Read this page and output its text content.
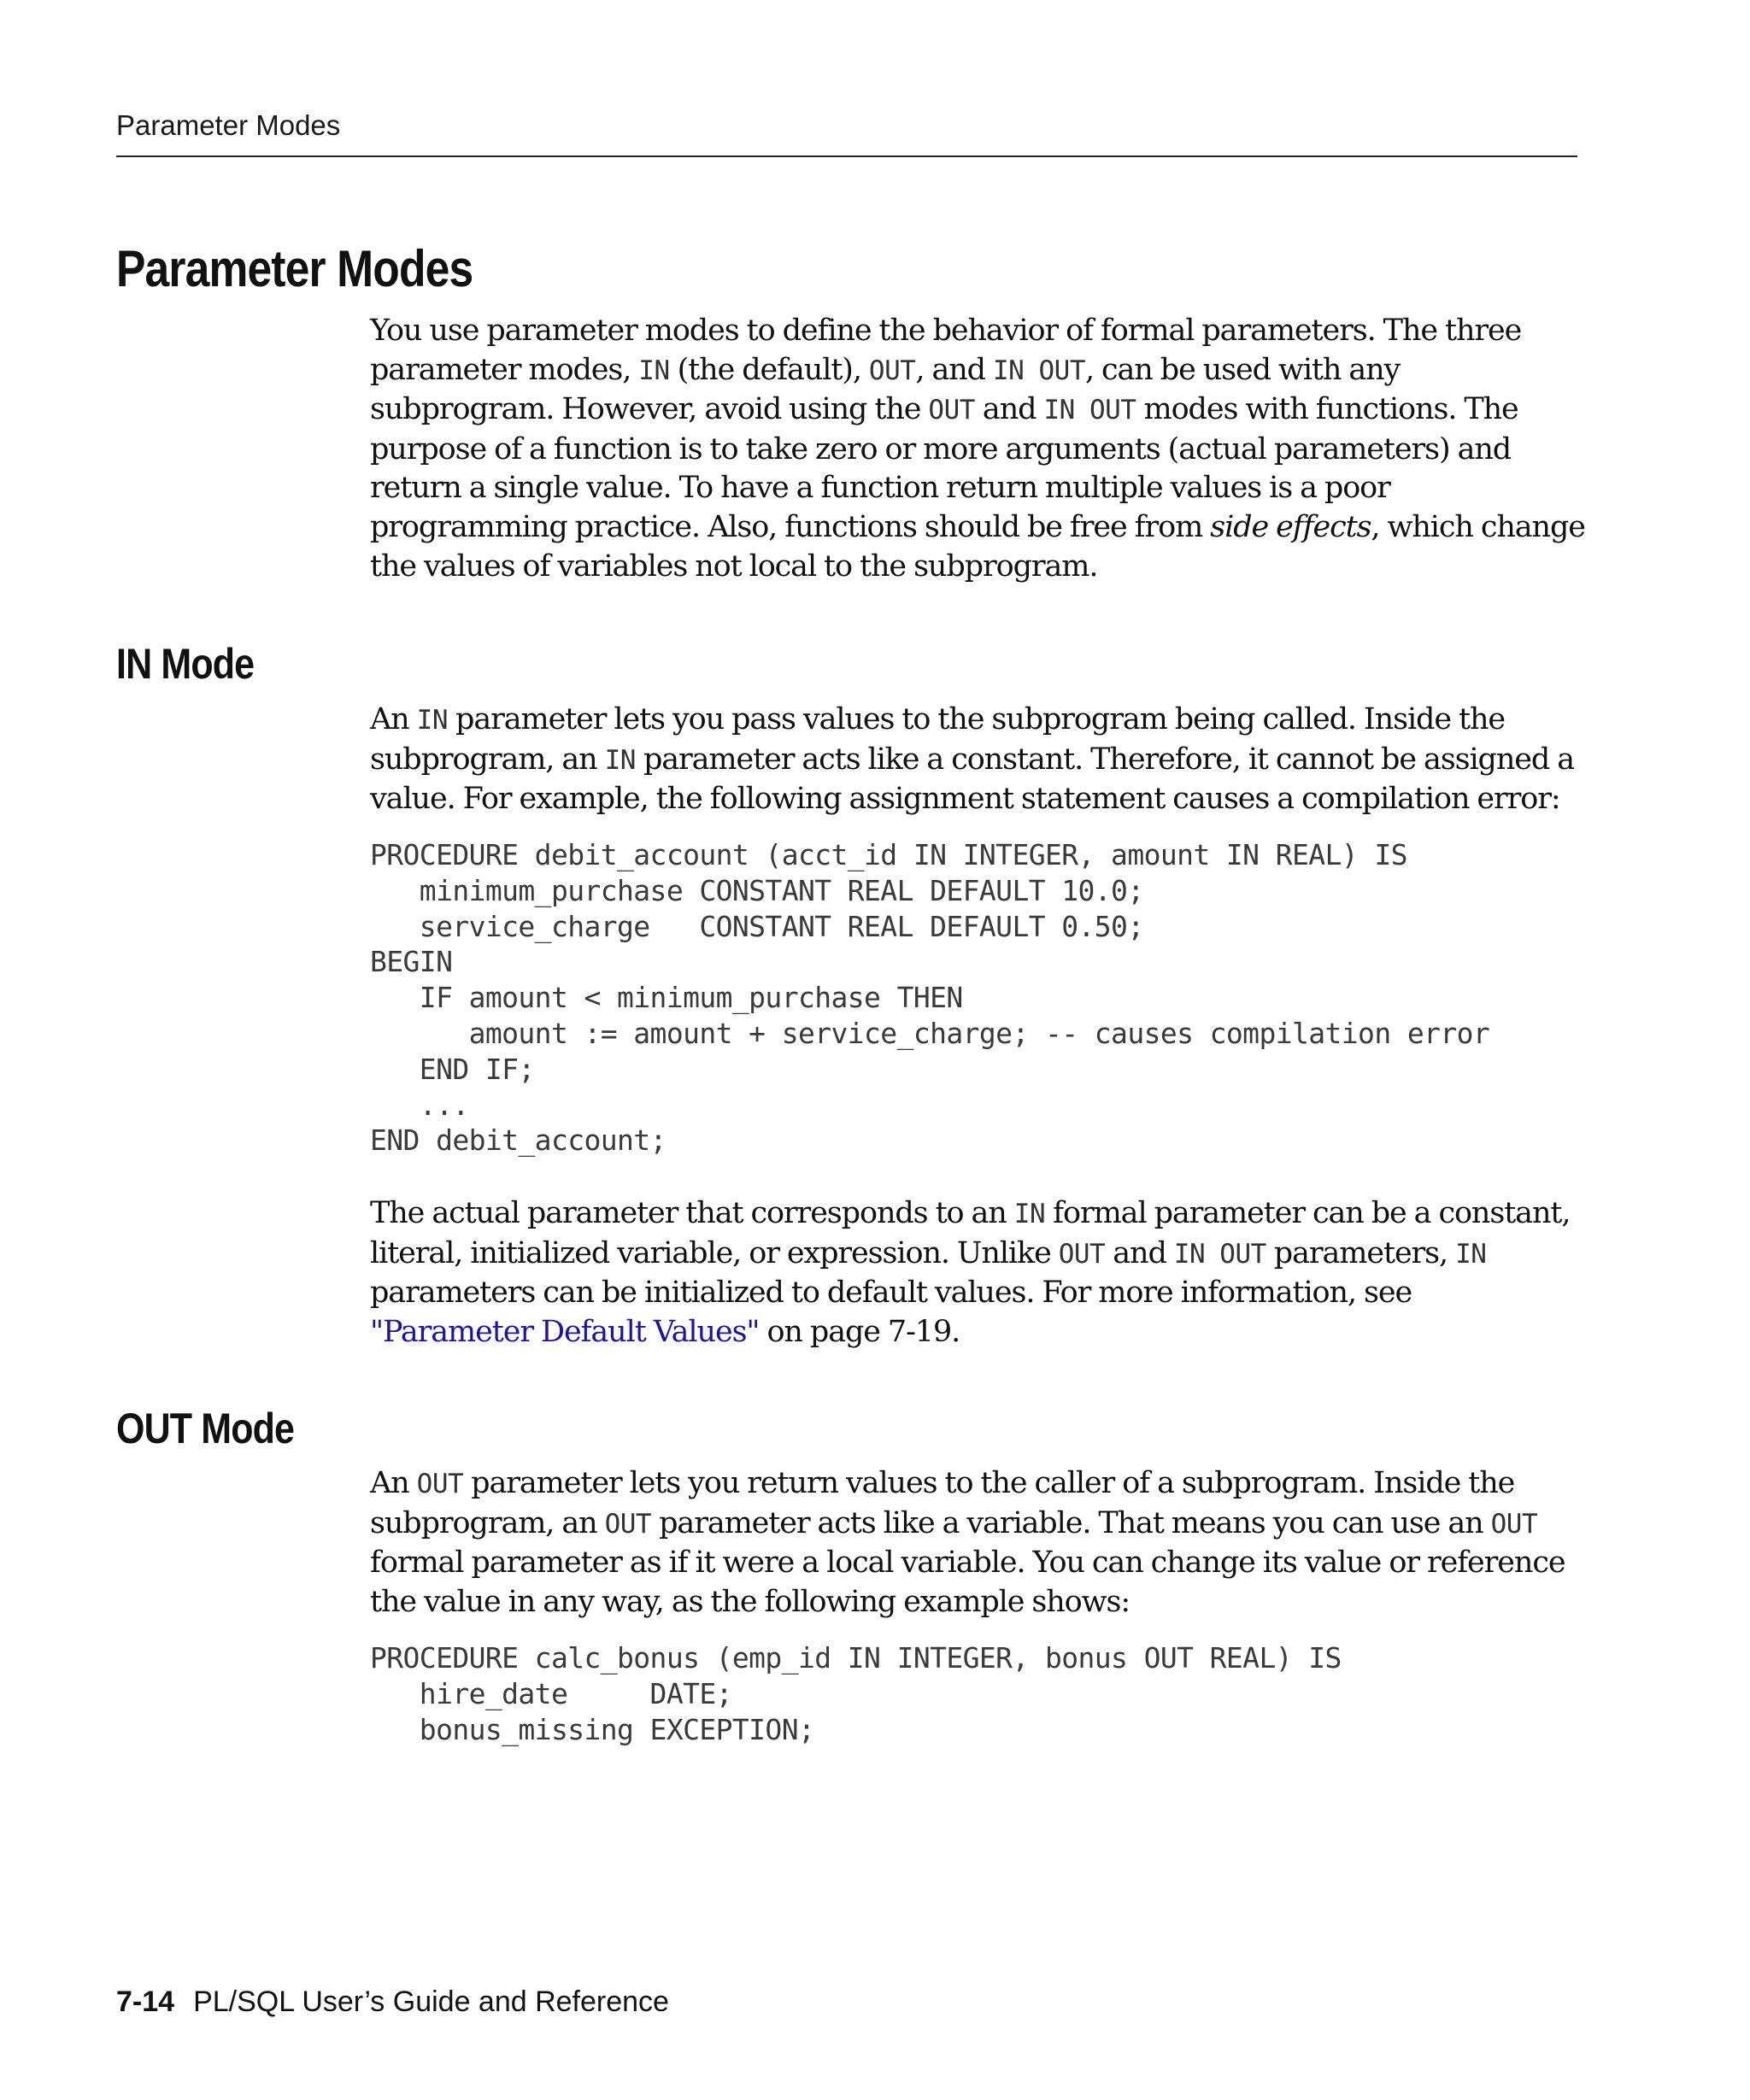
Parameter Modes
Parameter Modes

You use parameter modes to define the behavior of formal parameters. The three
parameter modes, IN (the default), OUT, and IN OUT, can be used with any
subprogram. However, avoid using the OUT and IN OUT modes with functions. The
purpose of a function is to take zero or more arguments (actual parameters) and
return a single value. To have a function return multiple values is a poor
programming practice. Also, functions should be free from side effects, which change
the values of variables not local to the subprogram.

IN Mode

An IN parameter lets you pass values to the subprogram being called. Inside the
subprogram, an IN parameter acts like a constant. Therefore, it cannot be assigned a
value. For example, the following assignment statement causes a compilation error:

PROCEDURE debit_account (acct_id IN INTEGER, amount IN REAL) IS
minimum_purchase CONSTANT REAL DEFAULT 10.0;
service_charge   CONSTANT REAL DEFAULT 0.50;
BEGIN
IF amount < minimum_purchase THEN
amount := amount + service_charge; -- causes compilation error
END IF;
...
END debit_account;

The actual parameter that corresponds to an IN formal parameter can be a constant,
literal, initialized variable, or expression. Unlike OUT and IN OUT parameters, IN
parameters can be initialized to default values. For more information, see
"Parameter Default Values" on page 7-19.

OUT Mode

An OUT parameter lets you return values to the caller of a subprogram. Inside the
subprogram, an OUT parameter acts like a variable. That means you can use an OUT
formal parameter as if it were a local variable. You can change its value or reference
the value in any way, as the following example shows:

PROCEDURE calc_bonus (emp_id IN INTEGER, bonus OUT REAL) IS
hire_date     DATE;
bonus_missing EXCEPTION;
7-14 PL/SQL User’s Guide and Reference
